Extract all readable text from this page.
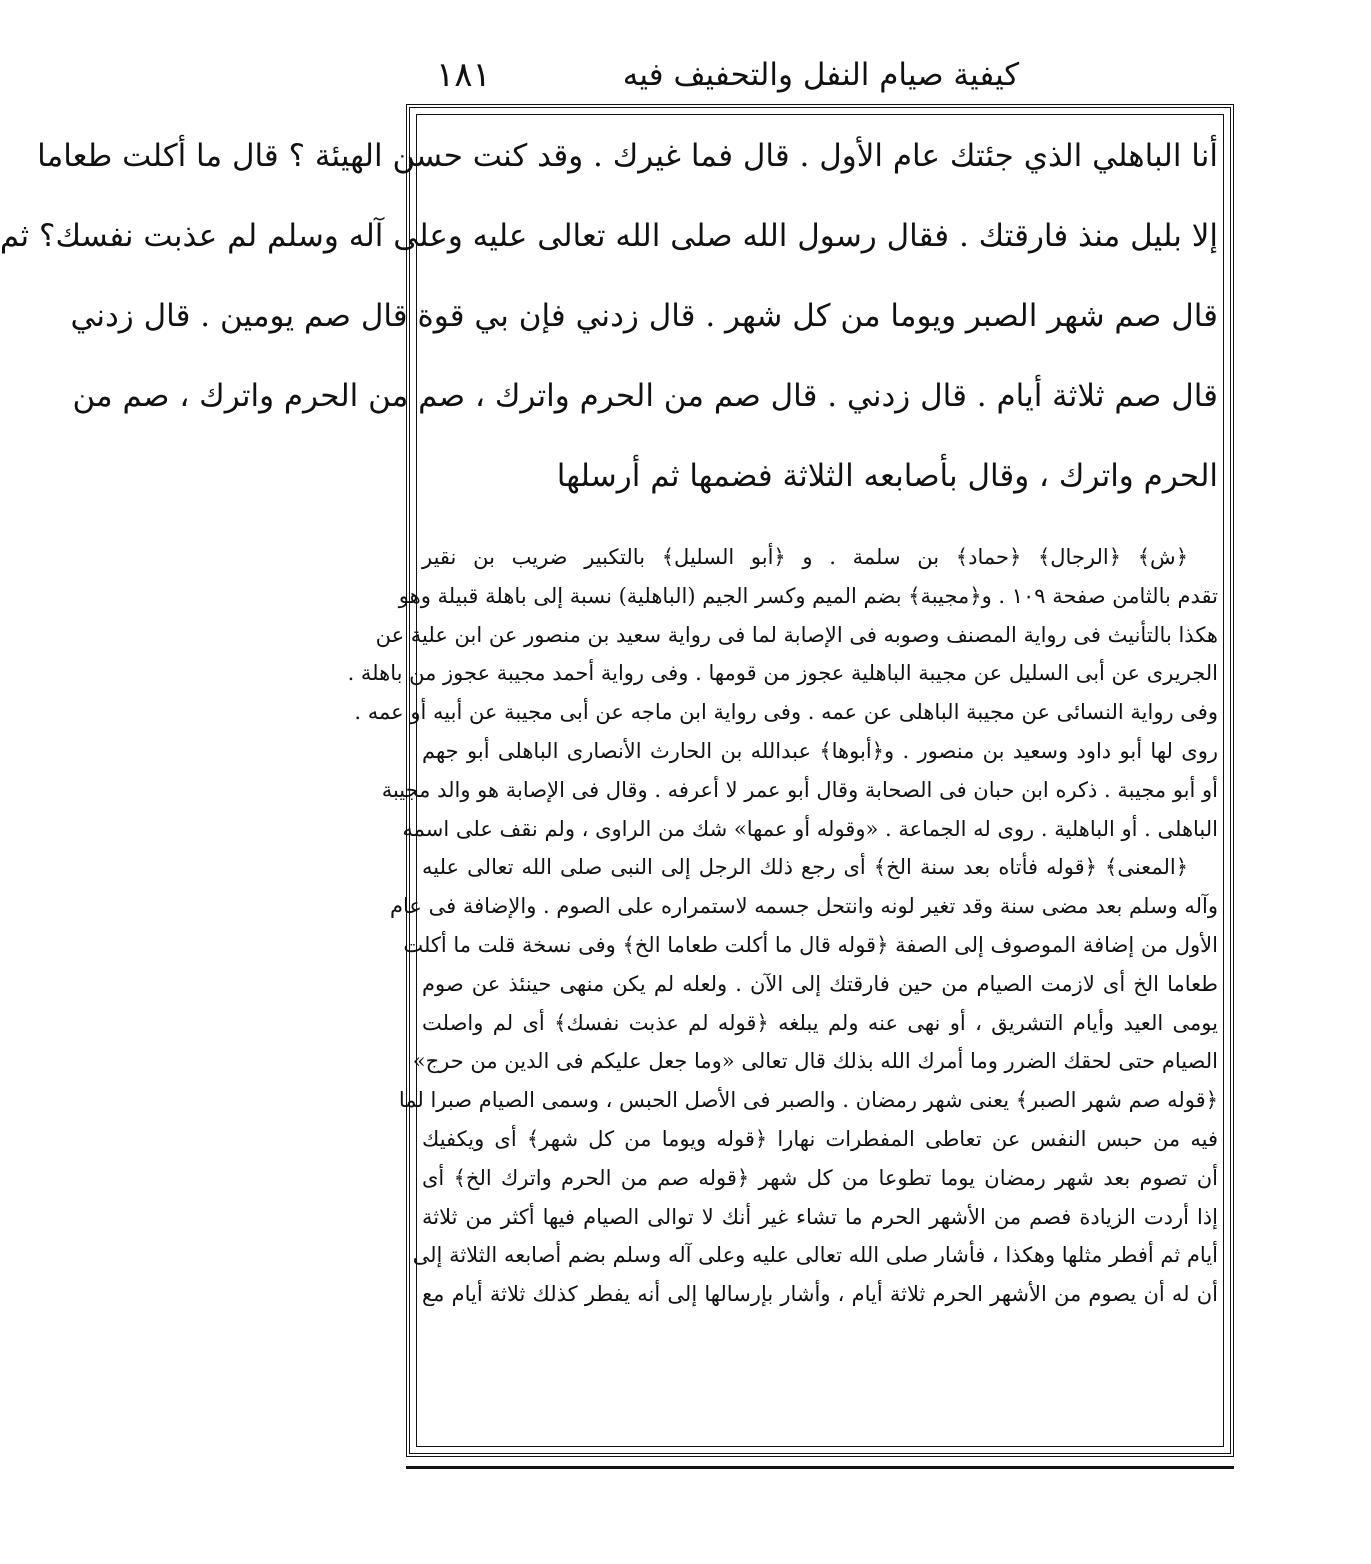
١٨١	كيفية صيام النفل والتحفيف فيه
أنا الباهلي الذي جئتك عام الأول . قال فما غيرك . وقد كنت حسن الهيئة ؟ قال ما أكلت طعاما
إلا بليل منذ فارقتك . فقال رسول الله صلى الله تعالى عليه وعلى آله وسلم لم عذبت نفسك؟ ثم
قال صم شهر الصبر ويوما من كل شهر . قال زدني فإن بي قوة قال صم يومين . قال زدني
قال صم ثلاثة أيام . قال زدني . قال صم من الحرم واترك ، صم من الحرم واترك ، صم من
الحرم واترك ، وقال بأصابعه الثلاثة فضمها ثم أرسلها
﴿ش﴾ ﴿الرجال﴾ ﴿حماد﴾ بن سلمة . و ﴿أبو السليل﴾ بالتكبير ضريب بن نقير
تقدم بالثامن صفحة ١٠٩ . و﴿مجيبة﴾ بضم الميم وكسر الجيم (الباهلية) نسبة إلى باهلة قبيلة وهو
هكذا بالتأنيث فى رواية المصنف وصوبه فى الإصابة لما فى رواية سعيد بن منصور عن ابن علية عن
الجريرى عن أبى السليل عن مجيبة الباهلية عجوز من قومها . وفى رواية أحمد مجيبة عجوز من باهلة .
وفى رواية النسائى عن مجيبة الباهلى عن عمه . وفى رواية ابن ماجه عن أبى مجيبة عن أبيه أو عمه .
روى لها أبو داود وسعيد بن منصور . و﴿أبوها﴾ عبدالله بن الحارث الأنصارى الباهلى أبو جهم
أو أبو مجيبة . ذكره ابن حبان فى الصحابة وقال أبو عمر لا أعرفه . وقال فى الإصابة هو والد مجيبة
الباهلى . أو الباهلية . روى له الجماعة . «وقوله أو عمها» شك من الراوى ، ولم نقف على اسمه
﴿المعنى﴾ ﴿قوله فأتاه بعد سنة الخ﴾ أى رجع ذلك الرجل إلى النبى صلى الله تعالى عليه
وآله وسلم بعد مضى سنة وقد تغير لونه وانتحل جسمه لاستمراره على الصوم . والإضافة فى عام
الأول من إضافة الموصوف إلى الصفة ﴿قوله قال ما أكلت طعاما الخ﴾ وفى نسخة قلت ما أكلت
طعاما الخ أى لازمت الصيام من حين فارقتك إلى الآن . ولعله لم يكن منهى حينئذ عن صوم
يومى العيد وأيام التشريق ، أو نهى عنه ولم يبلغه ﴿قوله لم عذبت نفسك﴾ أى لم واصلت
الصيام حتى لحقك الضرر وما أمرك الله بذلك قال تعالى «وما جعل عليكم فى الدين من حرج»
﴿قوله صم شهر الصبر﴾ يعنى شهر رمضان . والصبر فى الأصل الحبس ، وسمى الصيام صبرا لما
فيه من حبس النفس عن تعاطى المفطرات نهارا ﴿قوله ويوما من كل شهر﴾ أى ويكفيك
أن تصوم بعد شهر رمضان يوما تطوعا من كل شهر ﴿قوله صم من الحرم واترك الخ﴾ أى
إذا أردت الزيادة فصم من الأشهر الحرم ما تشاء غير أنك لا توالى الصيام فيها أكثر من ثلاثة
أيام ثم أفطر مثلها وهكذا ، فأشار صلى الله تعالى عليه وعلى آله وسلم بضم أصابعه الثلاثة إلى
أن له أن يصوم من الأشهر الحرم ثلاثة أيام ، وأشار بإرسالها إلى أنه يفطر كذلك ثلاثة أيام مع
